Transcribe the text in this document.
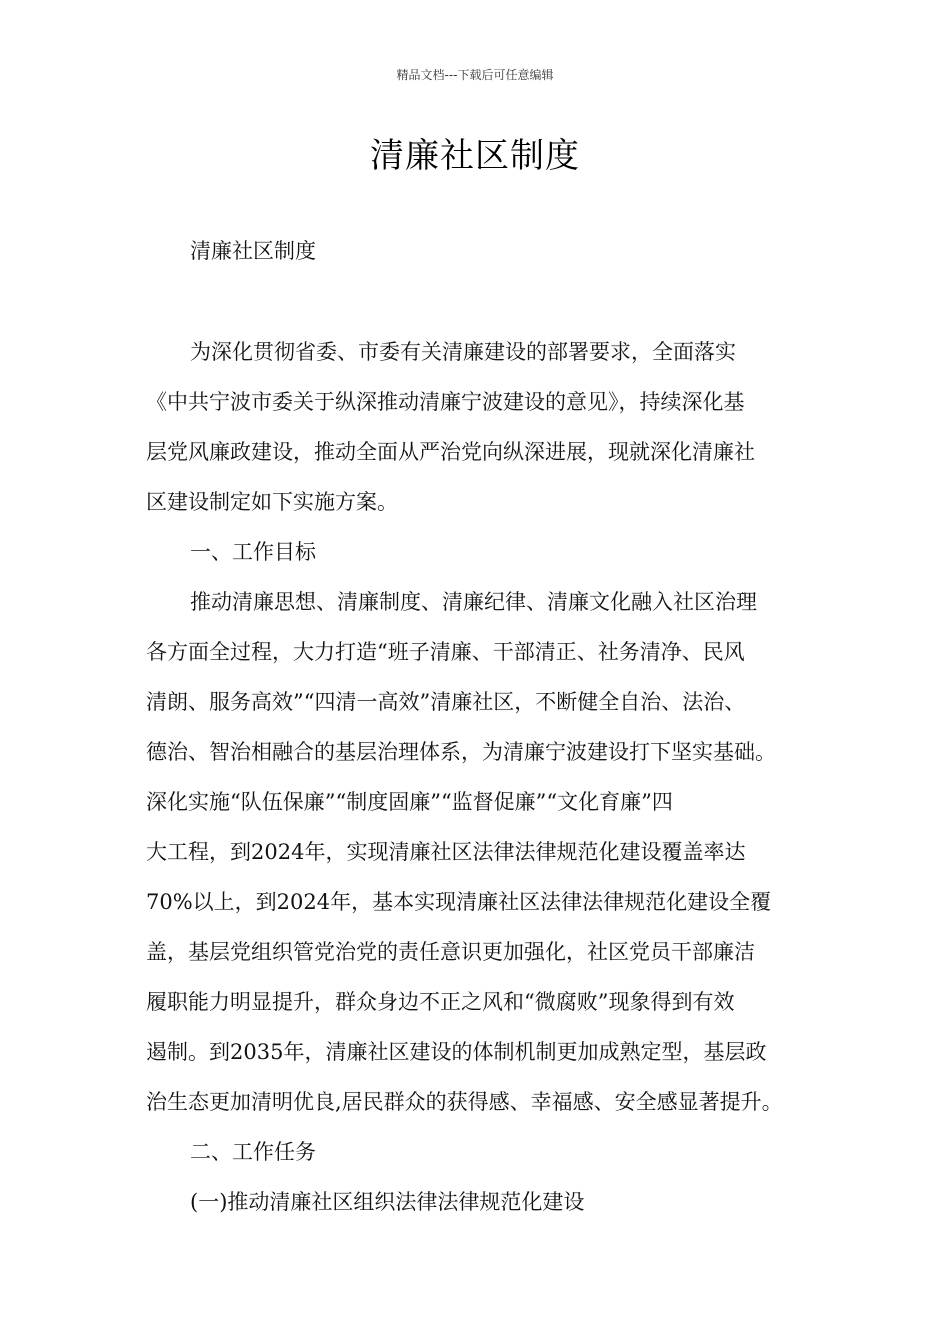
精品文档---下载后可任意编辑
清廉社区制度
清廉社区制度
为深化贯彻省委、市委有关清廉建设的部署要求，全面落实
《中共宁波市委关于纵深推动清廉宁波建设的意见》，持续深化基
层党风廉政建设，推动全面从严治党向纵深进展，现就深化清廉社
区建设制定如下实施方案。
一、工作目标
推动清廉思想、清廉制度、清廉纪律、清廉文化融入社区治理
各方面全过程，大力打造“班子清廉、干部清正、社务清净、民风
清朗、服务高效”“四清一高效”清廉社区，不断健全自治、法治、
德治、智治相融合的基层治理体系，为清廉宁波建设打下坚实基础。
深化实施“队伍保廉”“制度固廉”“监督促廉”“文化育廉”四
大工程，到2024年，实现清廉社区法律法律规范化建设覆盖率达
70%以上，到2024年，基本实现清廉社区法律法律规范化建设全覆
盖，基层党组织管党治党的责任意识更加强化，社区党员干部廉洁
履职能力明显提升，群众身边不正之风和“微腐败”现象得到有效
遏制。到2035年，清廉社区建设的体制机制更加成熟定型，基层政
治生态更加清明优良,居民群众的获得感、幸福感、安全感显著提升。
二、工作任务
(一)推动清廉社区组织法律法律规范化建设
